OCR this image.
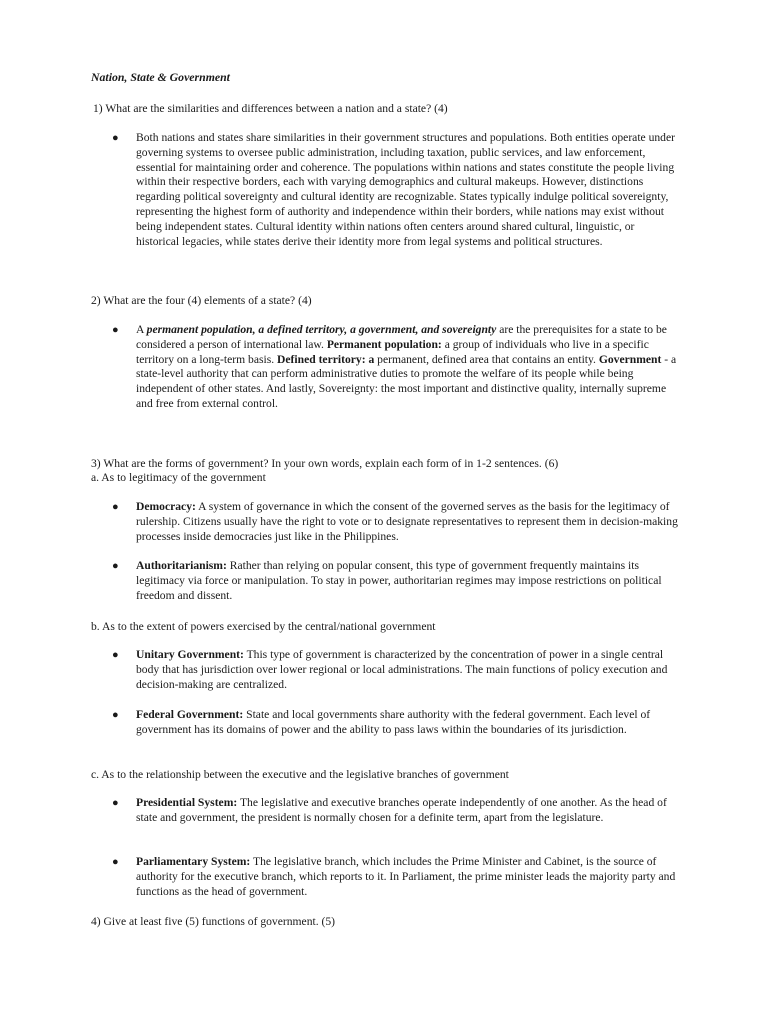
Nation, State & Government
1) What are the similarities and differences between a nation and a state? (4)
●	Both nations and states share similarities in their government structures and populations. Both entities operate under governing systems to oversee public administration, including taxation, public services, and law enforcement, essential for maintaining order and coherence. The populations within nations and states constitute the people living within their respective borders, each with varying demographics and cultural makeups. However, distinctions regarding political sovereignty and cultural identity are recognizable. States typically indulge political sovereignty, representing the highest form of authority and independence within their borders, while nations may exist without being independent states. Cultural identity within nations often centers around shared cultural, linguistic, or historical legacies, while states derive their identity more from legal systems and political structures.
2) What are the four (4) elements of a state? (4)
●	A permanent population, a defined territory, a government, and sovereignty are the prerequisites for a state to be considered a person of international law. Permanent population: a group of individuals who live in a specific territory on a long-term basis. Defined territory: a permanent, defined area that contains an entity. Government - a state-level authority that can perform administrative duties to promote the welfare of its people while being independent of other states. And lastly, Sovereignty: the most important and distinctive quality, internally supreme and free from external control.
3) What are the forms of government? In your own words, explain each form of in 1-2 sentences. (6)
a. As to legitimacy of the government
●	Democracy: A system of governance in which the consent of the governed serves as the basis for the legitimacy of rulership. Citizens usually have the right to vote or to designate representatives to represent them in decision-making processes inside democracies just like in the Philippines.
●	Authoritarianism: Rather than relying on popular consent, this type of government frequently maintains its legitimacy via force or manipulation. To stay in power, authoritarian regimes may impose restrictions on political freedom and dissent.
b. As to the extent of powers exercised by the central/national government
●	Unitary Government: This type of government is characterized by the concentration of power in a single central body that has jurisdiction over lower regional or local administrations. The main functions of policy execution and decision-making are centralized.
●	Federal Government: State and local governments share authority with the federal government. Each level of government has its domains of power and the ability to pass laws within the boundaries of its jurisdiction.
c. As to the relationship between the executive and the legislative branches of government
●	Presidential System: The legislative and executive branches operate independently of one another. As the head of state and government, the president is normally chosen for a definite term, apart from the legislature.
●	Parliamentary System: The legislative branch, which includes the Prime Minister and Cabinet, is the source of authority for the executive branch, which reports to it. In Parliament, the prime minister leads the majority party and functions as the head of government.
4) Give at least five (5) functions of government. (5)
